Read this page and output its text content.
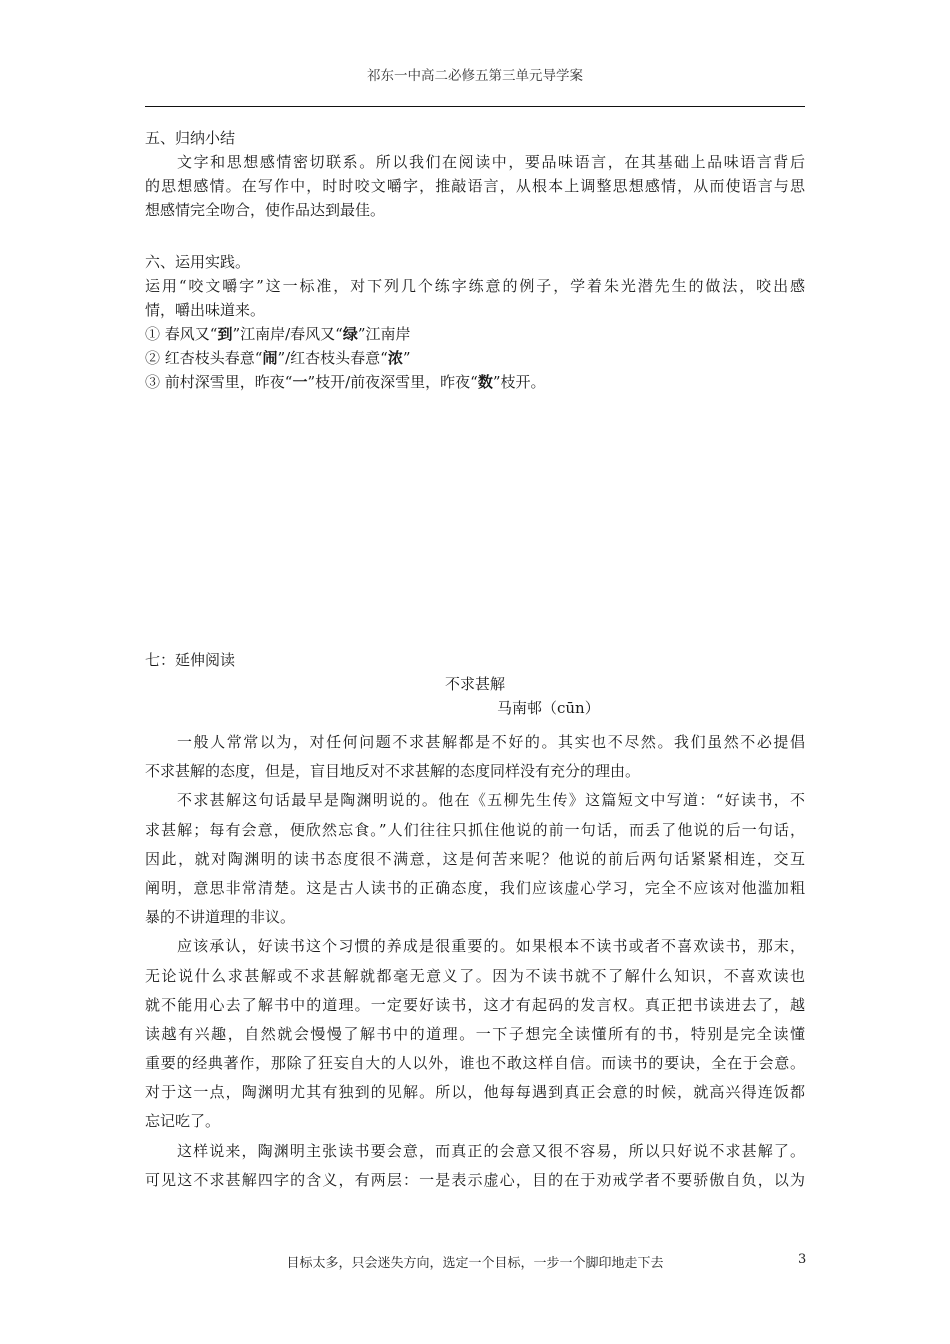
祁东一中高二必修五第三单元导学案
五、归纳小结
文字和思想感情密切联系。所以我们在阅读中，要品味语言，在其基础上品味语言背后
的思想感情。在写作中，时时咬文嚼字，推敲语言，从根本上调整思想感情，从而使语言与思
想感情完全吻合，使作品达到最佳。
六、运用实践。
运用“咬文嚼字”这一标准，对下列几个练字练意的例子，学着朱光潜先生的做法，咬出感
情，嚼出味道来。
① 春风又“到”江南岸/春风又“绿”江南岸
② 红杏枝头春意“闹”/红杏枝头春意“浓”
③ 前村深雪里，昨夜“一”枝开/前夜深雪里，昨夜“数”枝开。
七：延伸阅读
不求甚解
马南邨（cūn）
一般人常常以为，对任何问题不求甚解都是不好的。其实也不尽然。我们虽然不必提倡
不求甚解的态度，但是，盲目地反对不求甚解的态度同样没有充分的理由。
不求甚解这句话最早是陶渊明说的。他在《五柳先生传》这篇短文中写道：“好读书，不
求甚解；每有会意，便欣然忘食。”人们往往只抓住他说的前一句话，而丢了他说的后一句话，
因此，就对陶渊明的读书态度很不满意，这是何苦来呢？他说的前后两句话紧紧相连，交互
阐明，意思非常清楚。这是古人读书的正确态度，我们应该虚心学习，完全不应该对他滥加粗
暴的不讲道理的非议。
应该承认，好读书这个习惯的养成是很重要的。如果根本不读书或者不喜欢读书，那末，
无论说什么求甚解或不求甚解就都毫无意义了。因为不读书就不了解什么知识，不喜欢读也
就不能用心去了解书中的道理。一定要好读书，这才有起码的发言权。真正把书读进去了，越
读越有兴趣，自然就会慢慢了解书中的道理。一下子想完全读懂所有的书，特别是完全读懂
重要的经典著作，那除了狂妄自大的人以外，谁也不敢这样自信。而读书的要诀，全在于会意。
对于这一点，陶渊明尤其有独到的见解。所以，他每每遇到真正会意的时候，就高兴得连饭都
忘记吃了。
这样说来，陶渊明主张读书要会意，而真正的会意又很不容易，所以只好说不求甚解了。
可见这不求甚解四字的含义，有两层：一是表示虚心，目的在于劝戒学者不要骄傲自负，以为
目标太多，只会迷失方向，选定一个目标，一步一个脚印地走下去	3
